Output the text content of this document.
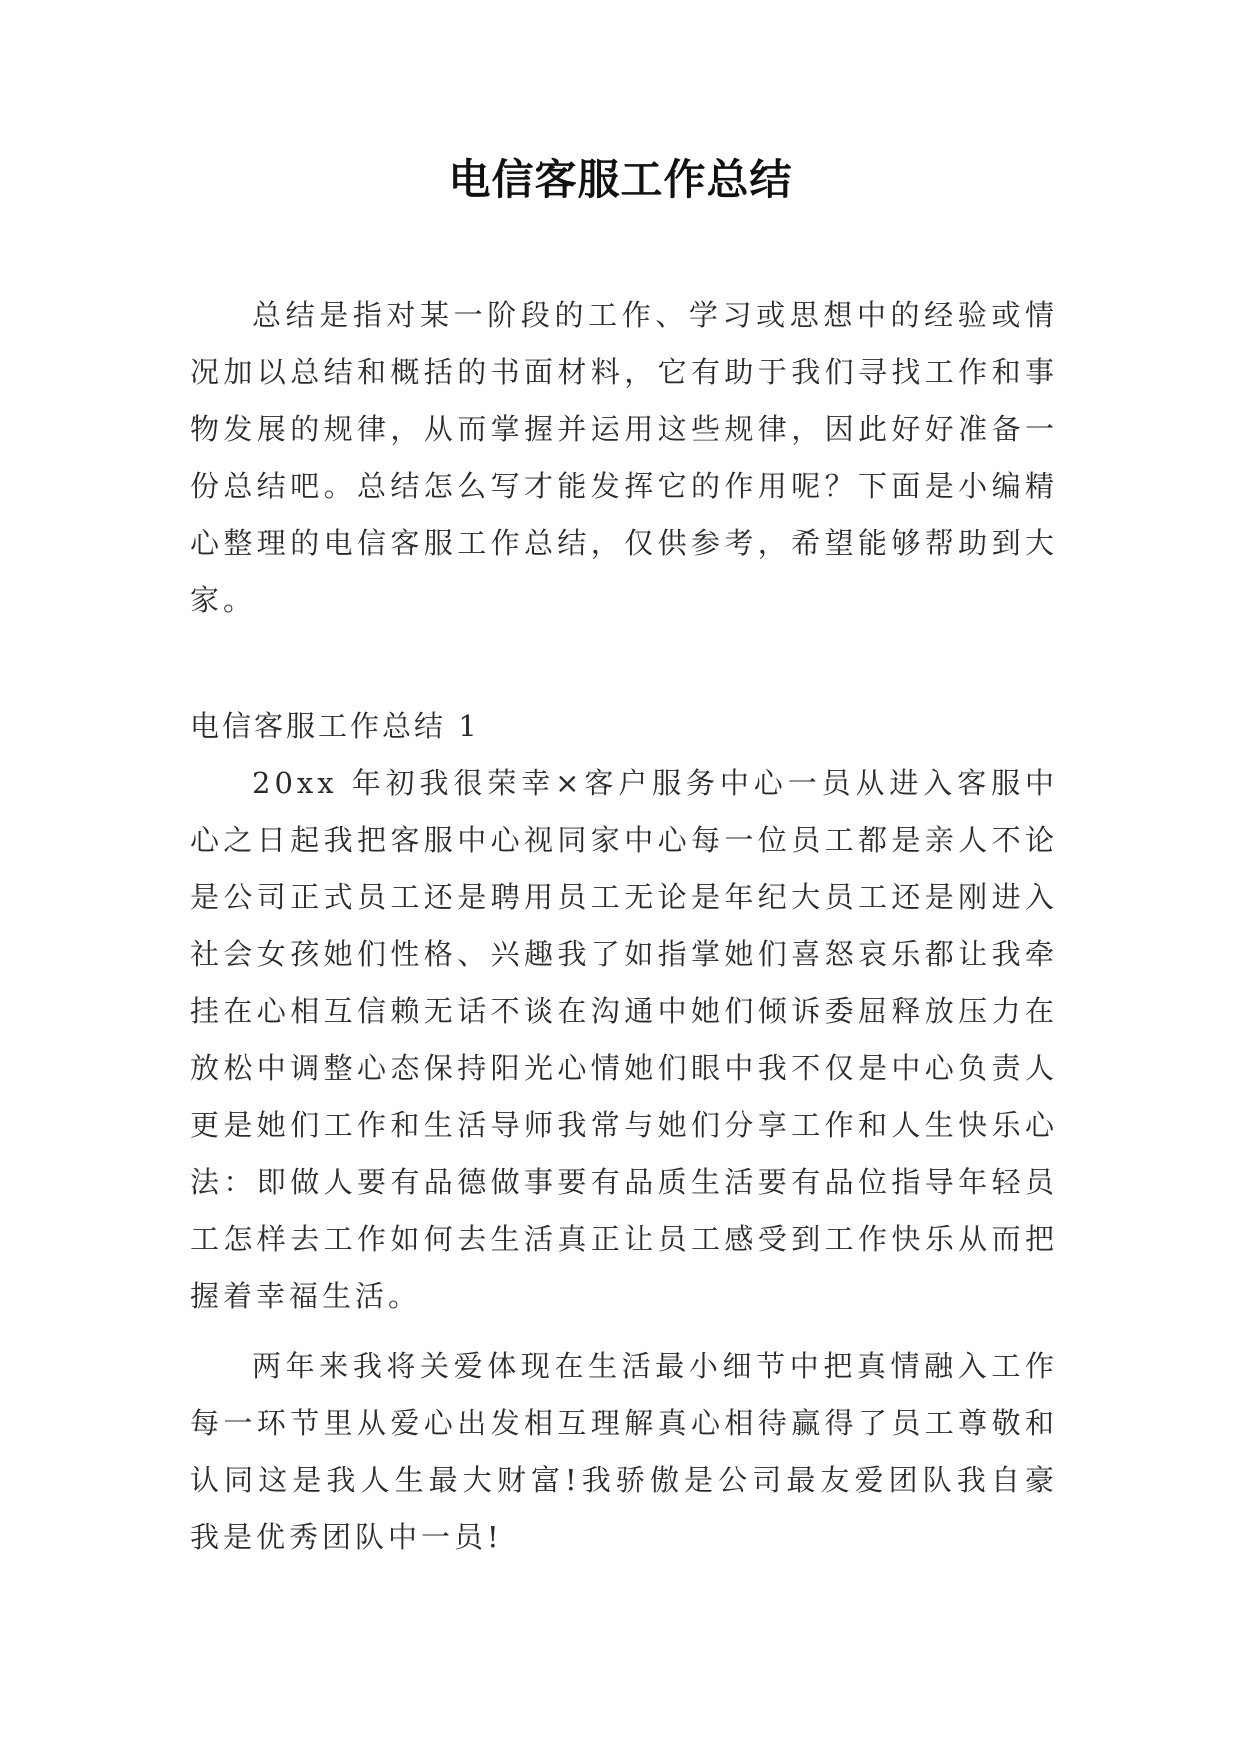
电信客服工作总结

总结是指对某一阶段的工作、学习或思想中的经验或情况加以总结和概括的书面材料，它有助于我们寻找工作和事物发展的规律，从而掌握并运用这些规律，因此好好准备一份总结吧。总结怎么写才能发挥它的作用呢？下面是小编精心整理的电信客服工作总结，仅供参考，希望能够帮助到大家。

电信客服工作总结 1

20xx 年初我很荣幸×客户服务中心一员从进入客服中心之日起我把客服中心视同家中心每一位员工都是亲人不论是公司正式员工还是聘用员工无论是年纪大员工还是刚进入社会女孩她们性格、兴趣我了如指掌她们喜怒哀乐都让我牵挂在心相互信赖无话不谈在沟通中她们倾诉委屈释放压力在放松中调整心态保持阳光心情她们眼中我不仅是中心负责人更是她们工作和生活导师我常与她们分享工作和人生快乐心法：即做人要有品德做事要有品质生活要有品位指导年轻员工怎样去工作如何去生活真正让员工感受到工作快乐从而把握着幸福生活。

两年来我将关爱体现在生活最小细节中把真情融入工作每一环节里从爱心出发相互理解真心相待赢得了员工尊敬和认同这是我人生最大财富!我骄傲是公司最友爱团队我自豪我是优秀团队中一员!
